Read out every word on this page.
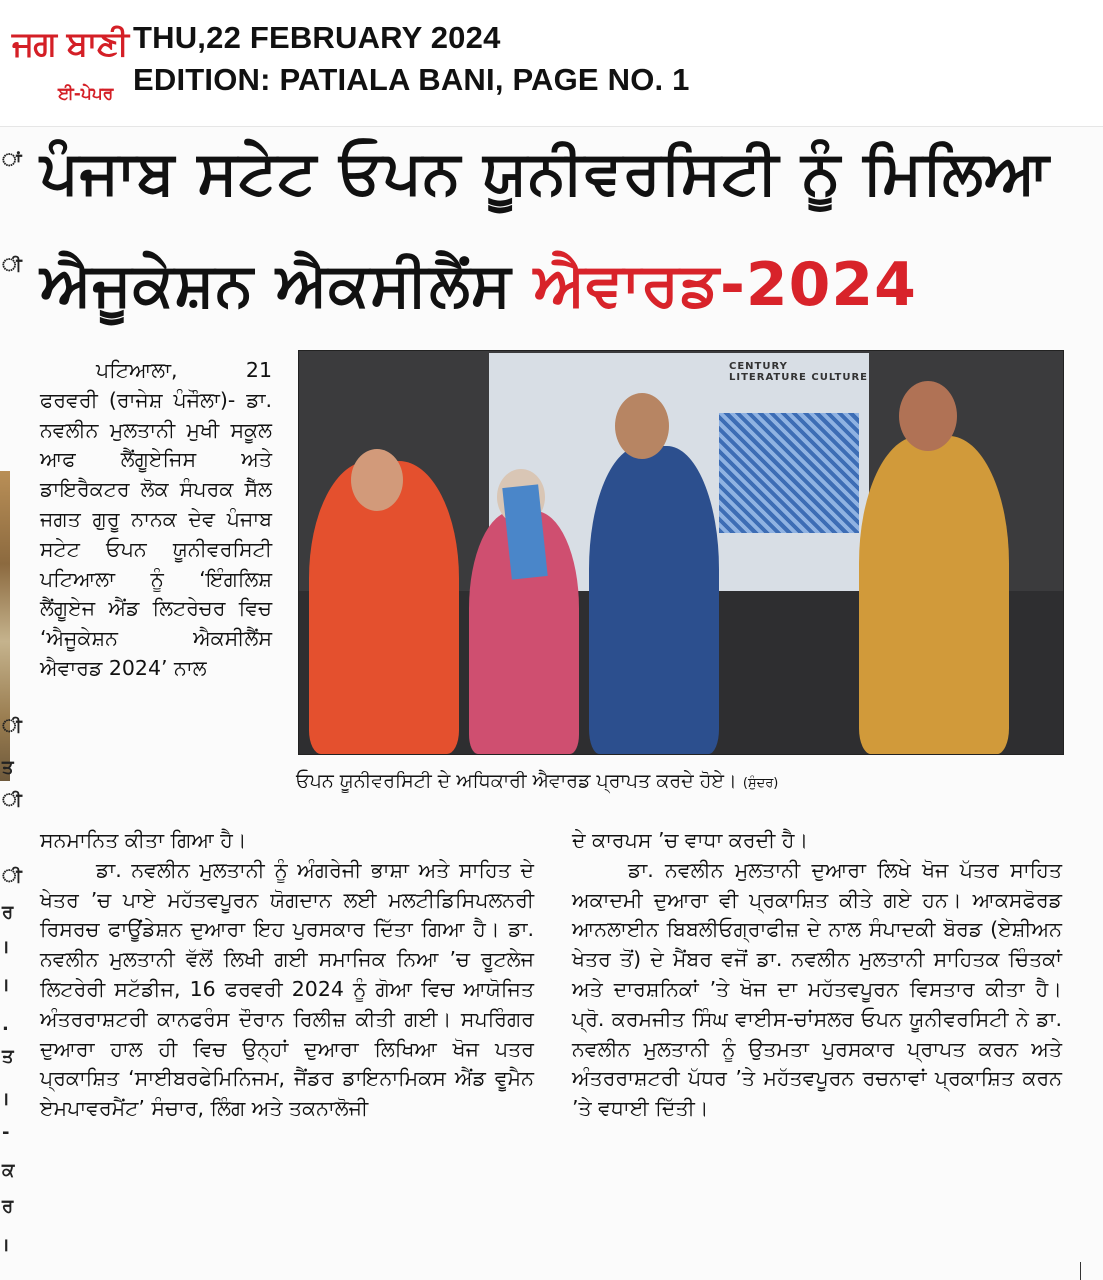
ਜਗ ਬਾਣੀ
ਈ-ਪੇਪਰ
THU,22 FEBRUARY 2024
EDITION: PATIALA BANI, PAGE NO. 1
ਾਂ
ੀ
ੀ
ਤ
ੀ
ੀ
ਰ
।
।
.
ਤ
।
-
ਕ
ਰ
।
ਪੰਜਾਬ ਸਟੇਟ ਓਪਨ ਯੂਨੀਵਰਸਿਟੀ ਨੂੰ ਮਿਲਿਆ
ਐਜੂਕੇਸ਼ਨ ਐਕਸੀਲੈਂਸ ਐਵਾਰਡ-2024

ਪਟਿਆਲਾ, 21 ਫਰਵਰੀ (ਰਾਜੇਸ਼ ਪੰਜੌਲਾ)- ਡਾ. ਨਵਲੀਨ ਮੁਲਤਾਨੀ ਮੁਖੀ ਸਕੂਲ ਆਫ ਲੈਂਗੂਏਜਿਸ ਅਤੇ ਡਾਇਰੈਕਟਰ ਲੋਕ ਸੰਪਰਕ ਸੈੱਲ ਜਗਤ ਗੁਰੂ ਨਾਨਕ ਦੇਵ ਪੰਜਾਬ ਸਟੇਟ ਓਪਨ ਯੂਨੀਵਰਸਿਟੀ ਪਟਿਆਲਾ ਨੂੰ ‘ਇੰਗਲਿਸ਼ ਲੈਂਗੂਏਜ ਐਂਡ ਲਿਟਰੇਚਰ ਵਿਚ ‘ਐਜੂਕੇਸ਼ਨ ਐਕਸੀਲੈਂਸ ਐਵਾਰਡ 2024’ ਨਾਲ

CENTURY LITERATURE CULTURE
ਓਪਨ ਯੂਨੀਵਰਸਿਟੀ ਦੇ ਅਧਿਕਾਰੀ ਐਵਾਰਡ ਪ੍ਰਾਪਤ ਕਰਦੇ ਹੋਏ। (ਸੁੰਦਰ)

ਸਨਮਾਨਿਤ ਕੀਤਾ ਗਿਆ ਹੈ।

ਡਾ. ਨਵਲੀਨ ਮੁਲਤਾਨੀ ਨੂੰ ਅੰਗਰੇਜੀ ਭਾਸ਼ਾ ਅਤੇ ਸਾਹਿਤ ਦੇ ਖੇਤਰ ’ਚ ਪਾਏ ਮਹੱਤਵਪੂਰਨ ਯੋਗਦਾਨ ਲਈ ਮਲਟੀਡਿਸਿਪਲਨਰੀ ਰਿਸਰਚ ਫਾਊਂਡੇਸ਼ਨ ਦੁਆਰਾ ਇਹ ਪੁਰਸਕਾਰ ਦਿੱਤਾ ਗਿਆ ਹੈ। ਡਾ. ਨਵਲੀਨ ਮੁਲਤਾਨੀ ਵੱਲੋਂ ਲਿਖੀ ਗਈ ਸਮਾਜਿਕ ਨਿਆ ’ਚ ਰੂਟਲੇਜ ਲਿਟਰੇਰੀ ਸਟੱਡੀਜ, 16 ਫਰਵਰੀ 2024 ਨੂੰ ਗੋਆ ਵਿਚ ਆਯੋਜਿਤ ਅੰਤਰਰਾਸ਼ਟਰੀ ਕਾਨਫਰੰਸ ਦੌਰਾਨ ਰਿਲੀਜ਼ ਕੀਤੀ ਗਈ। ਸਪਰਿੰਗਰ ਦੁਆਰਾ ਹਾਲ ਹੀ ਵਿਚ ਉਨ੍ਹਾਂ ਦੁਆਰਾ ਲਿਖਿਆ ਖੋਜ ਪਤਰ ਪ੍ਰਕਾਸ਼ਿਤ ‘ਸਾਈਬਰਫੇਮਿਨਿਜਮ, ਜੈਂਡਰ ਡਾਇਨਾਮਿਕਸ ਐਂਡ ਵੂਮੈਨ ਏਮਪਾਵਰਮੈਂਟ’ ਸੰਚਾਰ, ਲਿੰਗ ਅਤੇ ਤਕਨਾਲੋਜੀ

ਦੇ ਕਾਰਪਸ ’ਚ ਵਾਧਾ ਕਰਦੀ ਹੈ।

ਡਾ. ਨਵਲੀਨ ਮੁਲਤਾਨੀ ਦੁਆਰਾ ਲਿਖੇ ਖੋਜ ਪੱਤਰ ਸਾਹਿਤ ਅਕਾਦਮੀ ਦੁਆਰਾ ਵੀ ਪ੍ਰਕਾਸ਼ਿਤ ਕੀਤੇ ਗਏ ਹਨ। ਆਕਸਫੋਰਡ ਆਨਲਾਈਨ ਬਿਬਲੀਓਗ੍ਰਾਫੀਜ਼ ਦੇ ਨਾਲ ਸੰਪਾਦਕੀ ਬੋਰਡ (ਏਸ਼ੀਅਨ ਖੇਤਰ ਤੋਂ) ਦੇ ਮੈਂਬਰ ਵਜੋਂ ਡਾ. ਨਵਲੀਨ ਮੁਲਤਾਨੀ ਸਾਹਿਤਕ ਚਿੰਤਕਾਂ ਅਤੇ ਦਾਰਸ਼ਨਿਕਾਂ ’ਤੇ ਖੋਜ ਦਾ ਮਹੱਤਵਪੂਰਨ ਵਿਸਤਾਰ ਕੀਤਾ ਹੈ। ਪ੍ਰੋ. ਕਰਮਜੀਤ ਸਿੰਘ ਵਾਈਸ-ਚਾਂਸਲਰ ਓਪਨ ਯੂਨੀਵਰਸਿਟੀ ਨੇ ਡਾ. ਨਵਲੀਨ ਮੁਲਤਾਨੀ ਨੂੰ ਉਤਮਤਾ ਪੁਰਸਕਾਰ ਪ੍ਰਾਪਤ ਕਰਨ ਅਤੇ ਅੰਤਰਰਾਸ਼ਟਰੀ ਪੱਧਰ ’ਤੇ ਮਹੱਤਵਪੂਰਨ ਰਚਨਾਵਾਂ ਪ੍ਰਕਾਸ਼ਿਤ ਕਰਨ ’ਤੇ ਵਧਾਈ ਦਿੱਤੀ।
